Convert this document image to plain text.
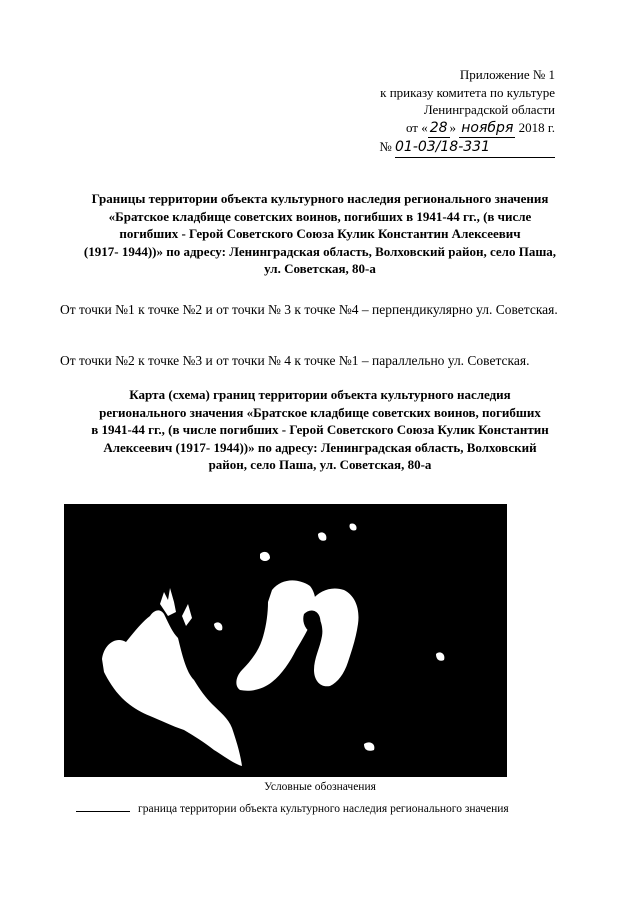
Приложение № 1
к приказу комитета по культуре
Ленинградской области
от « 28 » ноября 2018 г.
№ 01-03/18-331
Границы территории объекта культурного наследия регионального значения
«Братское кладбище советских воинов, погибших в 1941-44 гг., (в числе
погибших - Герой Советского Союза Кулик Константин Алексеевич
(1917- 1944))» по адресу: Ленинградская область, Волховский район, село Паша,
ул. Советская, 80-а
От точки №1 к точке №2 и от точки № 3 к точке №4 – перпендикулярно ул. Советская.
От точки №2 к точке №3 и от точки № 4 к точке №1 – параллельно ул. Советская.
Карта (схема) границ территории объекта культурного наследия
регионального значения «Братское кладбище советских воинов, погибших
в 1941-44 гг., (в числе погибших - Герой Советского Союза Кулик Константин
Алексеевич (1917- 1944))» по адресу: Ленинградская область, Волховский
район, село Паша, ул. Советская, 80-а
Условные обозначения
граница территории объекта культурного наследия регионального значения
